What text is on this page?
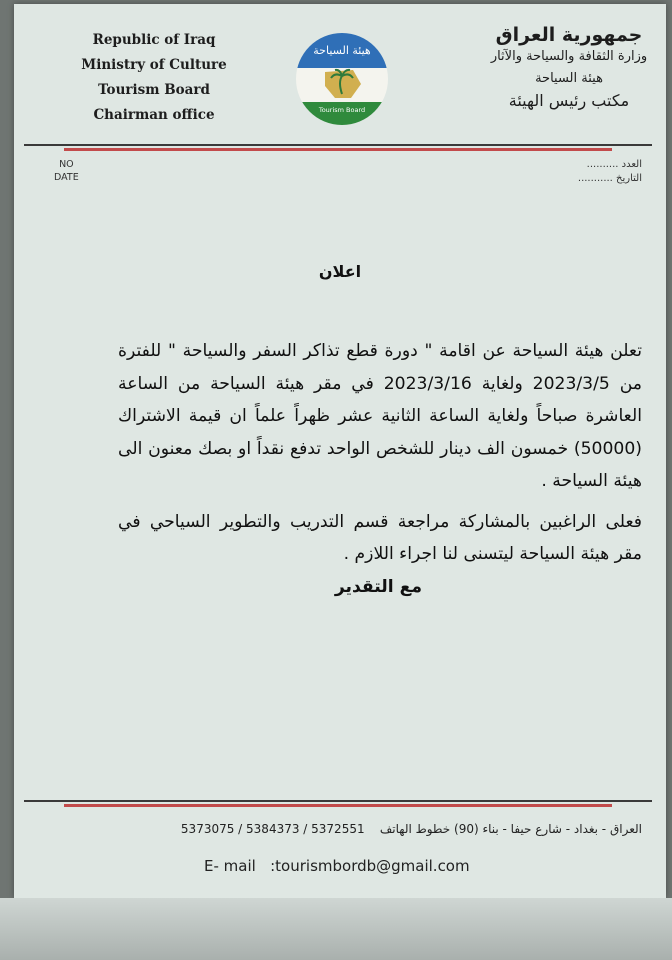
Republic of Iraq
Ministry of Culture
Tourism Board
Chairman office
هيئة السياحة
Tourism Board
جمهورية العراق
وزارة الثقافة والسياحة والآثار
هيئة السياحة
مكتب رئيس الهيئة
NO
DATE
العدد ..........
التاريخ ...........
اعلان

تعلن هيئة السياحة عن اقامة " دورة قطع تذاكر السفر والسياحة " للفترة من 2023/3/5 ولغاية 2023/3/16 في مقر هيئة السياحة من الساعة العاشرة صباحاً ولغاية الساعة الثانية عشر ظهراً علماً ان قيمة الاشتراك (50000) خمسون الف دينار للشخص الواحد تدفع نقداً او بصك معنون الى هيئة السياحة .

فعلى الراغبين بالمشاركة مراجعة قسم التدريب والتطوير السياحي في مقر هيئة السياحة ليتسنى لنا اجراء اللازم .

مع التقدير

العراق - بغداد - شارع حيفا - بناء (90) خطوط الهاتف    5373075 / 5384373 / 5372551
E- mail :tourismbordb@gmail.com
